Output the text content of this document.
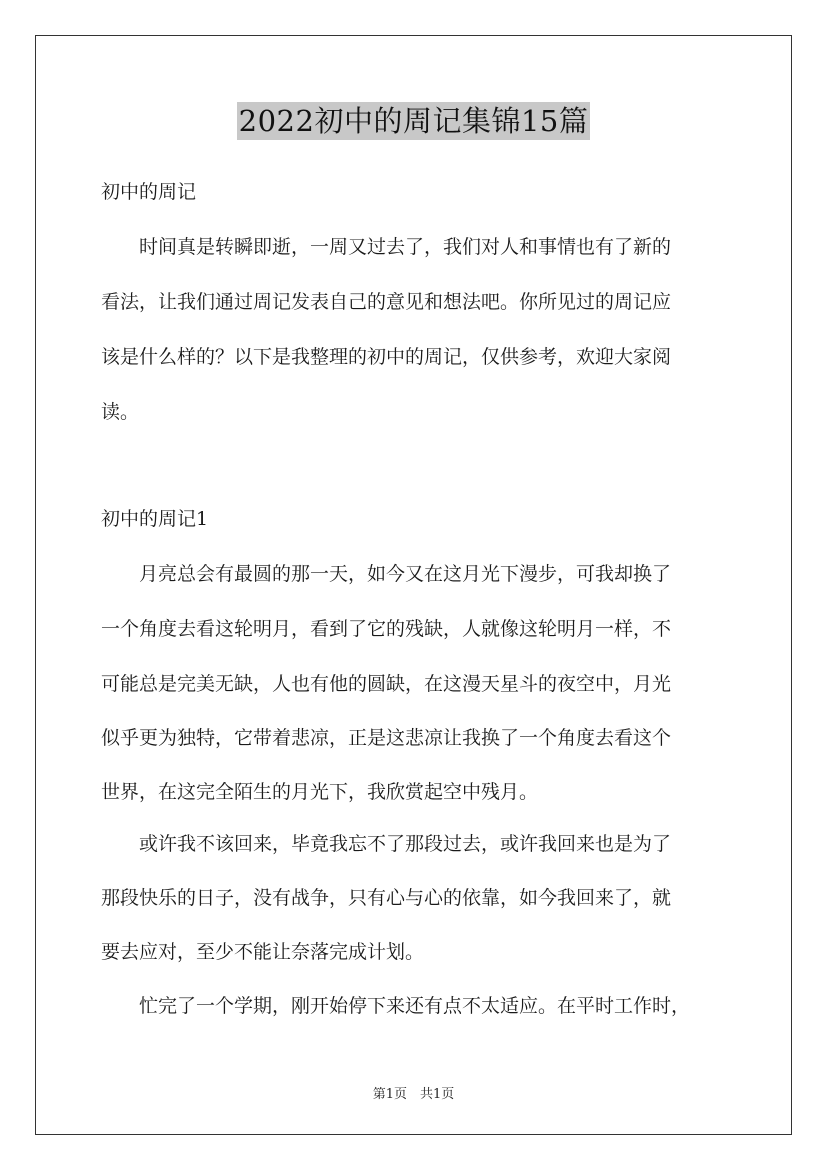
2022初中的周记集锦15篇
初中的周记
　　时间真是转瞬即逝，一周又过去了，我们对人和事情也有了新的
看法，让我们通过周记发表自己的意见和想法吧。你所见过的周记应
该是什么样的？以下是我整理的初中的周记，仅供参考，欢迎大家阅
读。
初中的周记1
　　月亮总会有最圆的那一天，如今又在这月光下漫步，可我却换了
一个角度去看这轮明月，看到了它的残缺，人就像这轮明月一样，不
可能总是完美无缺，人也有他的圆缺，在这漫天星斗的夜空中，月光
似乎更为独特，它带着悲凉，正是这悲凉让我换了一个角度去看这个
世界，在这完全陌生的月光下，我欣赏起空中残月。
　　或许我不该回来，毕竟我忘不了那段过去，或许我回来也是为了
那段快乐的日子，没有战争，只有心与心的依靠，如今我回来了，就
要去应对，至少不能让奈落完成计划。
　　忙完了一个学期，刚开始停下来还有点不太适应。在平时工作时，
第1页　共1页
